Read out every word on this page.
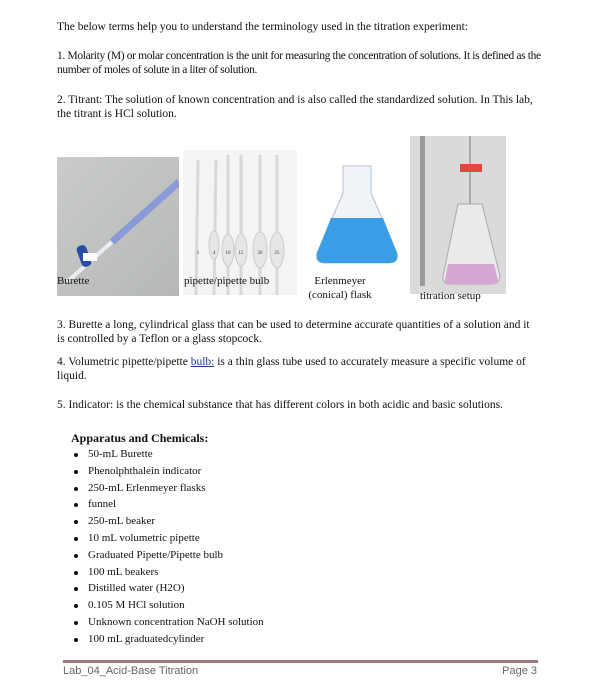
The below terms help you to understand the terminology used in the titration experiment:
1. Molarity (M) or molar concentration is the unit for measuring the concentration of solutions. It is defined as the number of moles of solute in a liter of solution.
2. Titrant: The solution of known concentration and is also called the standardized solution. In This lab, the titrant is HCl solution.
1	4 10 15	20 25
Burette	pipette/pipette bulb	Erlenmeyer (conical) flask	titration setup
3. Burette a long, cylindrical glass that can be used to determine accurate quantities of a solution and it is controlled by a Teflon or a glass stopcock.
4. Volumetric pipette/pipette bulb: is a thin glass tube used to accurately measure a specific volume of liquid.
5. Indicator: is the chemical substance that has different colors in both acidic and basic solutions.
Apparatus and Chemicals:
50-mL Burette
Phenolphthalein indicator
250-mL Erlenmeyer flasks
funnel
250-mL beaker
10 mL volumetric pipette
Graduated Pipette/Pipette bulb
100 mL beakers
Distilled water (H2O)
0.105 M HCl solution
Unknown concentration NaOH solution
100 mL graduatedcylinder
Lab_04_Acid-Base Titration	Page 3
